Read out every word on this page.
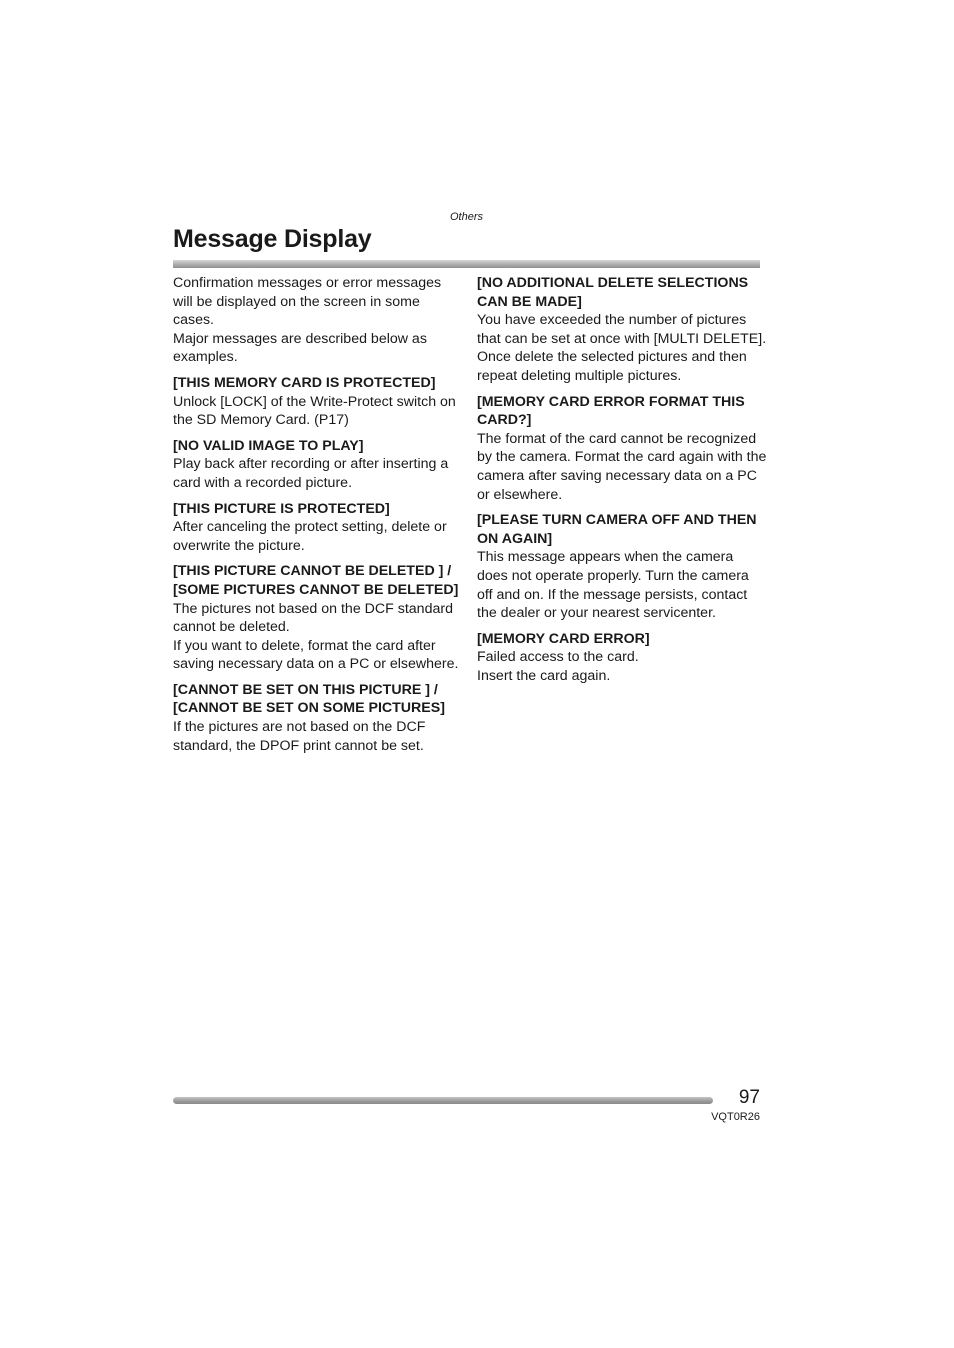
Others
Message Display

Confirmation messages or error messages will be displayed on the screen in some cases.

Major messages are described below as examples.

[THIS MEMORY CARD IS PROTECTED]

Unlock [LOCK] of the Write-Protect switch on the SD Memory Card. (P17)

[NO VALID IMAGE TO PLAY]

Play back after recording or after inserting a card with a recorded picture.

[THIS PICTURE IS PROTECTED]

After canceling the protect setting, delete or overwrite the picture.

[THIS PICTURE CANNOT BE DELETED ] / [SOME PICTURES CANNOT BE DELETED]

The pictures not based on the DCF standard cannot be deleted.

If you want to delete, format the card after saving necessary data on a PC or elsewhere.

[CANNOT BE SET ON THIS PICTURE ] / [CANNOT BE SET ON SOME PICTURES]

If the pictures are not based on the DCF standard, the DPOF print cannot be set.

[NO ADDITIONAL DELETE SELECTIONS CAN BE MADE]

You have exceeded the number of pictures that can be set at once with [MULTI DELETE]. Once delete the selected pictures and then repeat deleting multiple pictures.

[MEMORY CARD ERROR FORMAT THIS CARD?]

The format of the card cannot be recognized by the camera. Format the card again with the camera after saving necessary data on a PC or elsewhere.

[PLEASE TURN CAMERA OFF AND THEN ON AGAIN]

This message appears when the camera does not operate properly. Turn the camera off and on. If the message persists, contact the dealer or your nearest servicenter.

[MEMORY CARD ERROR]

Failed access to the card.

Insert the card again.

97
VQT0R26
